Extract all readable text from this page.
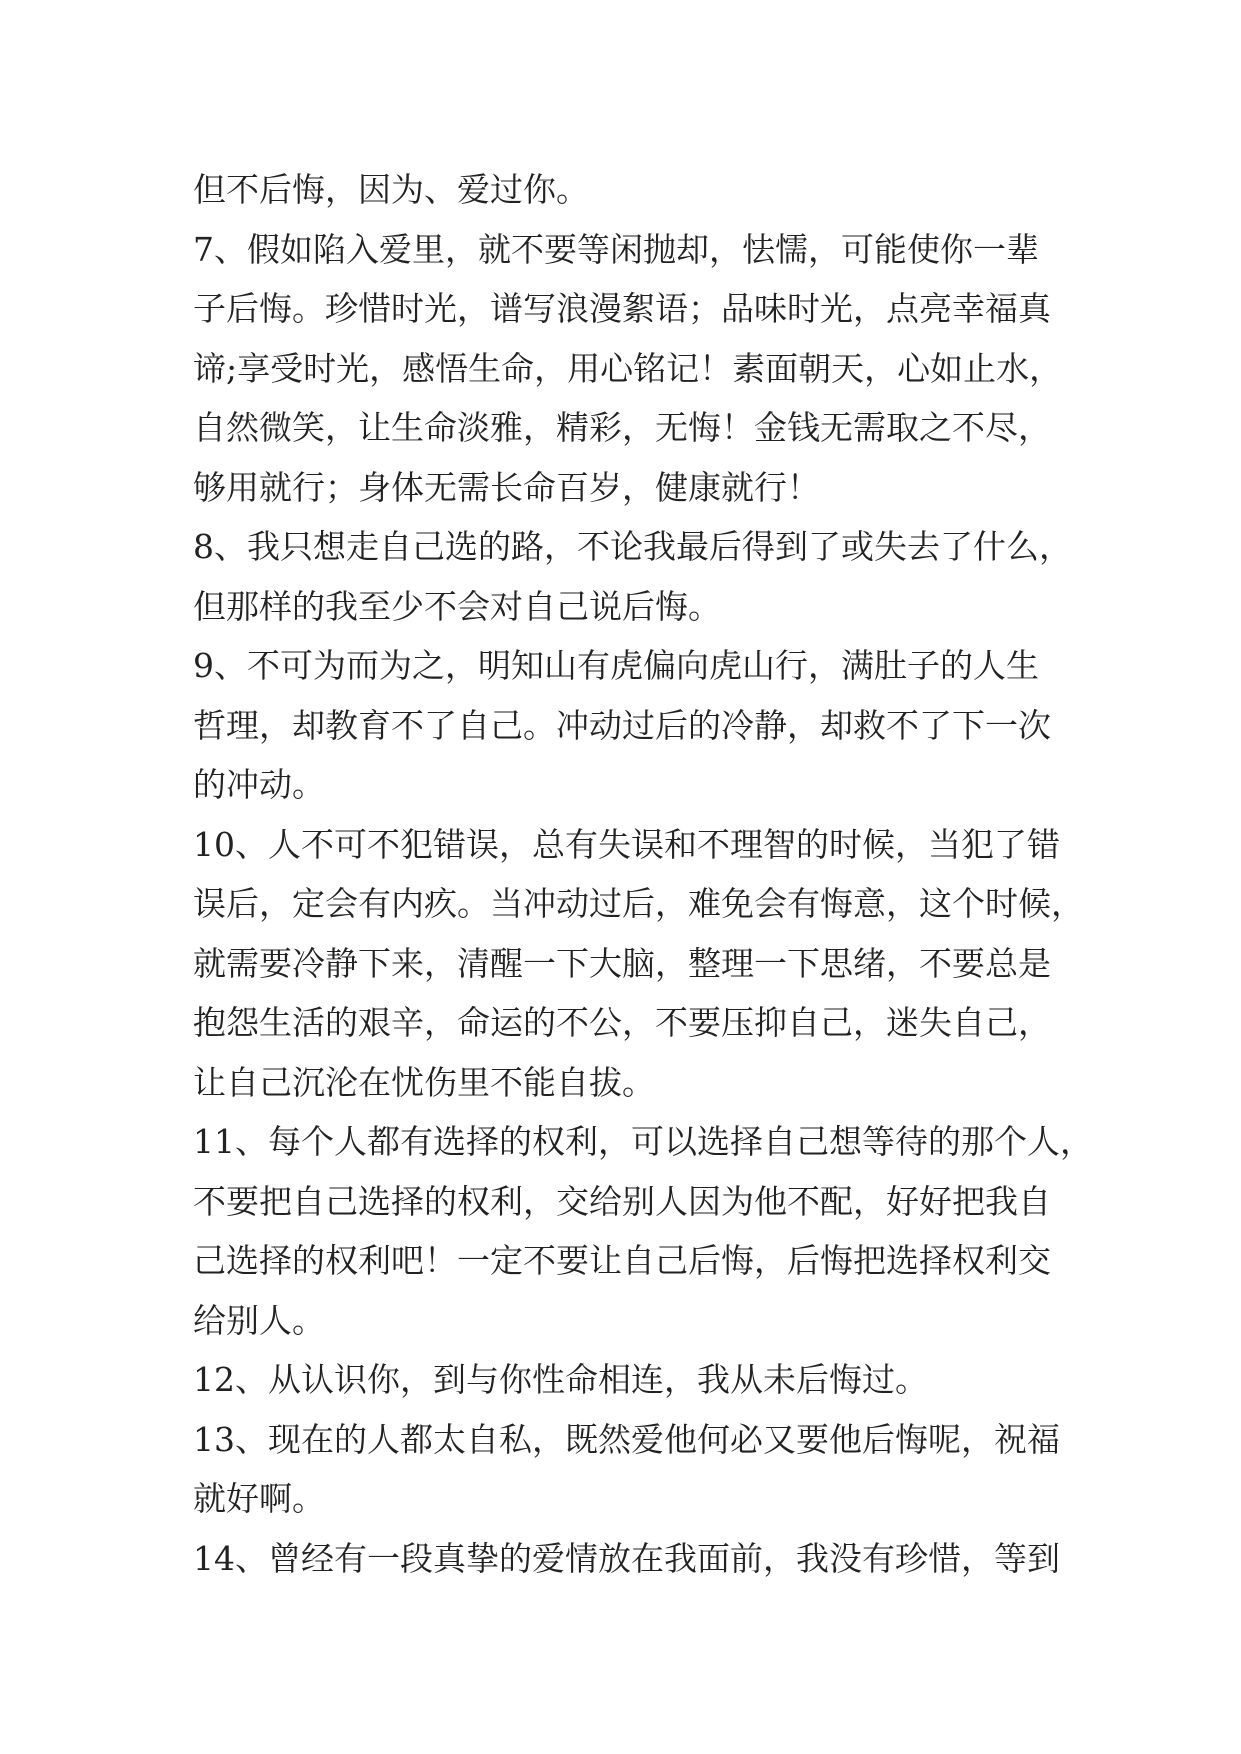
但不后悔，因为、爱过你。
7、假如陷入爱里，就不要等闲抛却，怯懦，可能使你一辈
子后悔。珍惜时光，谱写浪漫絮语；品味时光，点亮幸福真
谛;享受时光，感悟生命，用心铭记！素面朝天，心如止水，
自然微笑，让生命淡雅，精彩，无悔！金钱无需取之不尽，
够用就行；身体无需长命百岁，健康就行！
8、我只想走自己选的路，不论我最后得到了或失去了什么，
但那样的我至少不会对自己说后悔。
9、不可为而为之，明知山有虎偏向虎山行，满肚子的人生
哲理，却教育不了自己。冲动过后的冷静，却救不了下一次
的冲动。
10、人不可不犯错误，总有失误和不理智的时候，当犯了错
误后，定会有内疚。当冲动过后，难免会有悔意，这个时候，
就需要冷静下来，清醒一下大脑，整理一下思绪，不要总是
抱怨生活的艰辛，命运的不公，不要压抑自己，迷失自己，
让自己沉沦在忧伤里不能自拔。
11、每个人都有选择的权利，可以选择自己想等待的那个人，
不要把自己选择的权利，交给别人因为他不配，好好把我自
己选择的权利吧！一定不要让自己后悔，后悔把选择权利交
给别人。
12、从认识你，到与你性命相连，我从未后悔过。
13、现在的人都太自私，既然爱他何必又要他后悔呢，祝福
就好啊。
14、曾经有一段真挚的爱情放在我面前，我没有珍惜，等到
